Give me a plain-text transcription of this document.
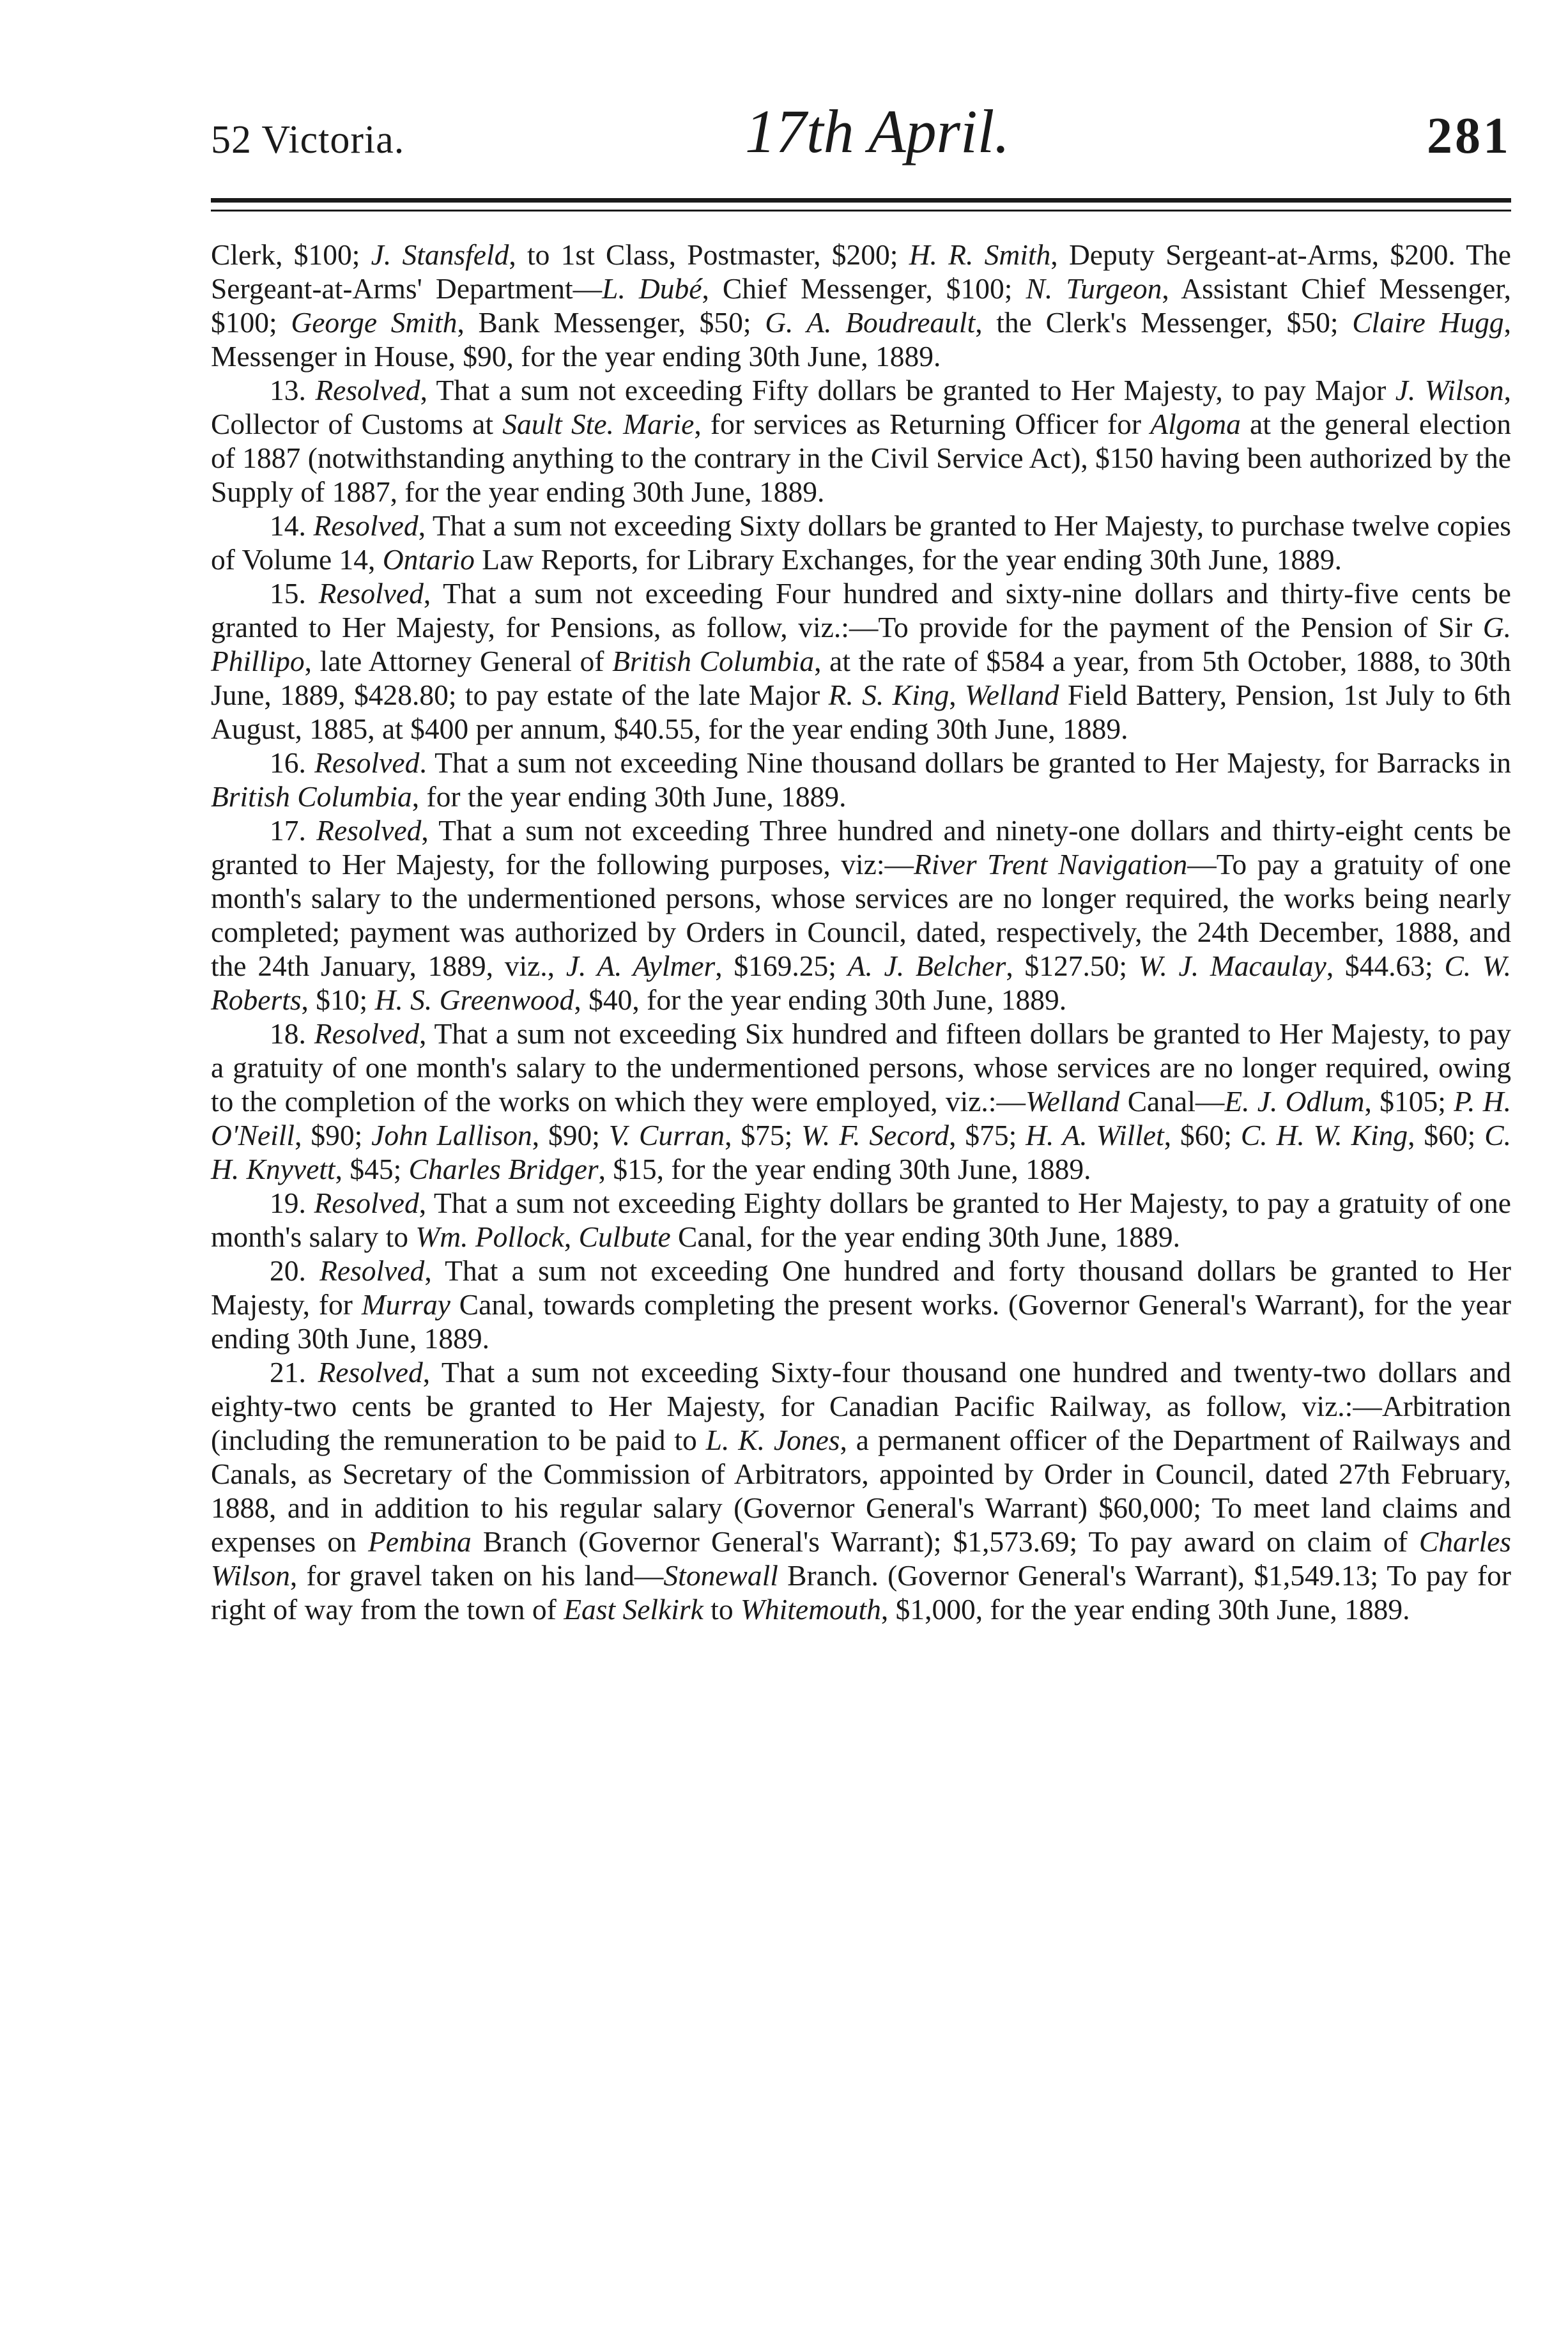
52 Victoria.	17th April.	281

Clerk, $100; J. Stansfeld, to 1st Class, Postmaster, $200; H. R. Smith, Deputy Sergeant-at-Arms, $200. The Sergeant-at-Arms' Department—L. Dubé, Chief Messenger, $100; N. Turgeon, Assistant Chief Messenger, $100; George Smith, Bank Messenger, $50; G. A. Boudreault, the Clerk's Messenger, $50; Claire Hugg, Messenger in House, $90, for the year ending 30th June, 1889.

13. Resolved, That a sum not exceeding Fifty dollars be granted to Her Majesty, to pay Major J. Wilson, Collector of Customs at Sault Ste. Marie, for services as Returning Officer for Algoma at the general election of 1887 (notwithstanding anything to the contrary in the Civil Service Act), $150 having been authorized by the Supply of 1887, for the year ending 30th June, 1889.

14. Resolved, That a sum not exceeding Sixty dollars be granted to Her Majesty, to purchase twelve copies of Volume 14, Ontario Law Reports, for Library Exchanges, for the year ending 30th June, 1889.

15. Resolved, That a sum not exceeding Four hundred and sixty-nine dollars and thirty-five cents be granted to Her Majesty, for Pensions, as follow, viz.:—To provide for the payment of the Pension of Sir G. Phillipo, late Attorney General of British Columbia, at the rate of $584 a year, from 5th October, 1888, to 30th June, 1889, $428.80; to pay estate of the late Major R. S. King, Welland Field Battery, Pension, 1st July to 6th August, 1885, at $400 per annum, $40.55, for the year ending 30th June, 1889.

16. Resolved. That a sum not exceeding Nine thousand dollars be granted to Her Majesty, for Barracks in British Columbia, for the year ending 30th June, 1889.

17. Resolved, That a sum not exceeding Three hundred and ninety-one dollars and thirty-eight cents be granted to Her Majesty, for the following purposes, viz:—River Trent Navigation—To pay a gratuity of one month's salary to the undermentioned persons, whose services are no longer required, the works being nearly completed; payment was authorized by Orders in Council, dated, respectively, the 24th December, 1888, and the 24th January, 1889, viz., J. A. Aylmer, $169.25; A. J. Belcher, $127.50; W. J. Macaulay, $44.63; C. W. Roberts, $10; H. S. Greenwood, $40, for the year ending 30th June, 1889.

18. Resolved, That a sum not exceeding Six hundred and fifteen dollars be granted to Her Majesty, to pay a gratuity of one month's salary to the undermentioned persons, whose services are no longer required, owing to the completion of the works on which they were employed, viz.:—Welland Canal—E. J. Odlum, $105; P. H. O'Neill, $90; John Lallison, $90; V. Curran, $75; W. F. Secord, $75; H. A. Willet, $60; C. H. W. King, $60; C. H. Knyvett, $45; Charles Bridger, $15, for the year ending 30th June, 1889.

19. Resolved, That a sum not exceeding Eighty dollars be granted to Her Majesty, to pay a gratuity of one month's salary to Wm. Pollock, Culbute Canal, for the year ending 30th June, 1889.

20. Resolved, That a sum not exceeding One hundred and forty thousand dollars be granted to Her Majesty, for Murray Canal, towards completing the present works. (Governor General's Warrant), for the year ending 30th June, 1889.

21. Resolved, That a sum not exceeding Sixty-four thousand one hundred and twenty-two dollars and eighty-two cents be granted to Her Majesty, for Canadian Pacific Railway, as follow, viz.:—Arbitration (including the remuneration to be paid to L. K. Jones, a permanent officer of the Department of Railways and Canals, as Secretary of the Commission of Arbitrators, appointed by Order in Council, dated 27th February, 1888, and in addition to his regular salary (Governor General's Warrant) $60,000; To meet land claims and expenses on Pembina Branch (Governor General's Warrant); $1,573.69; To pay award on claim of Charles Wilson, for gravel taken on his land—Stonewall Branch. (Governor General's Warrant), $1,549.13; To pay for right of way from the town of East Selkirk to Whitemouth, $1,000, for the year ending 30th June, 1889.
